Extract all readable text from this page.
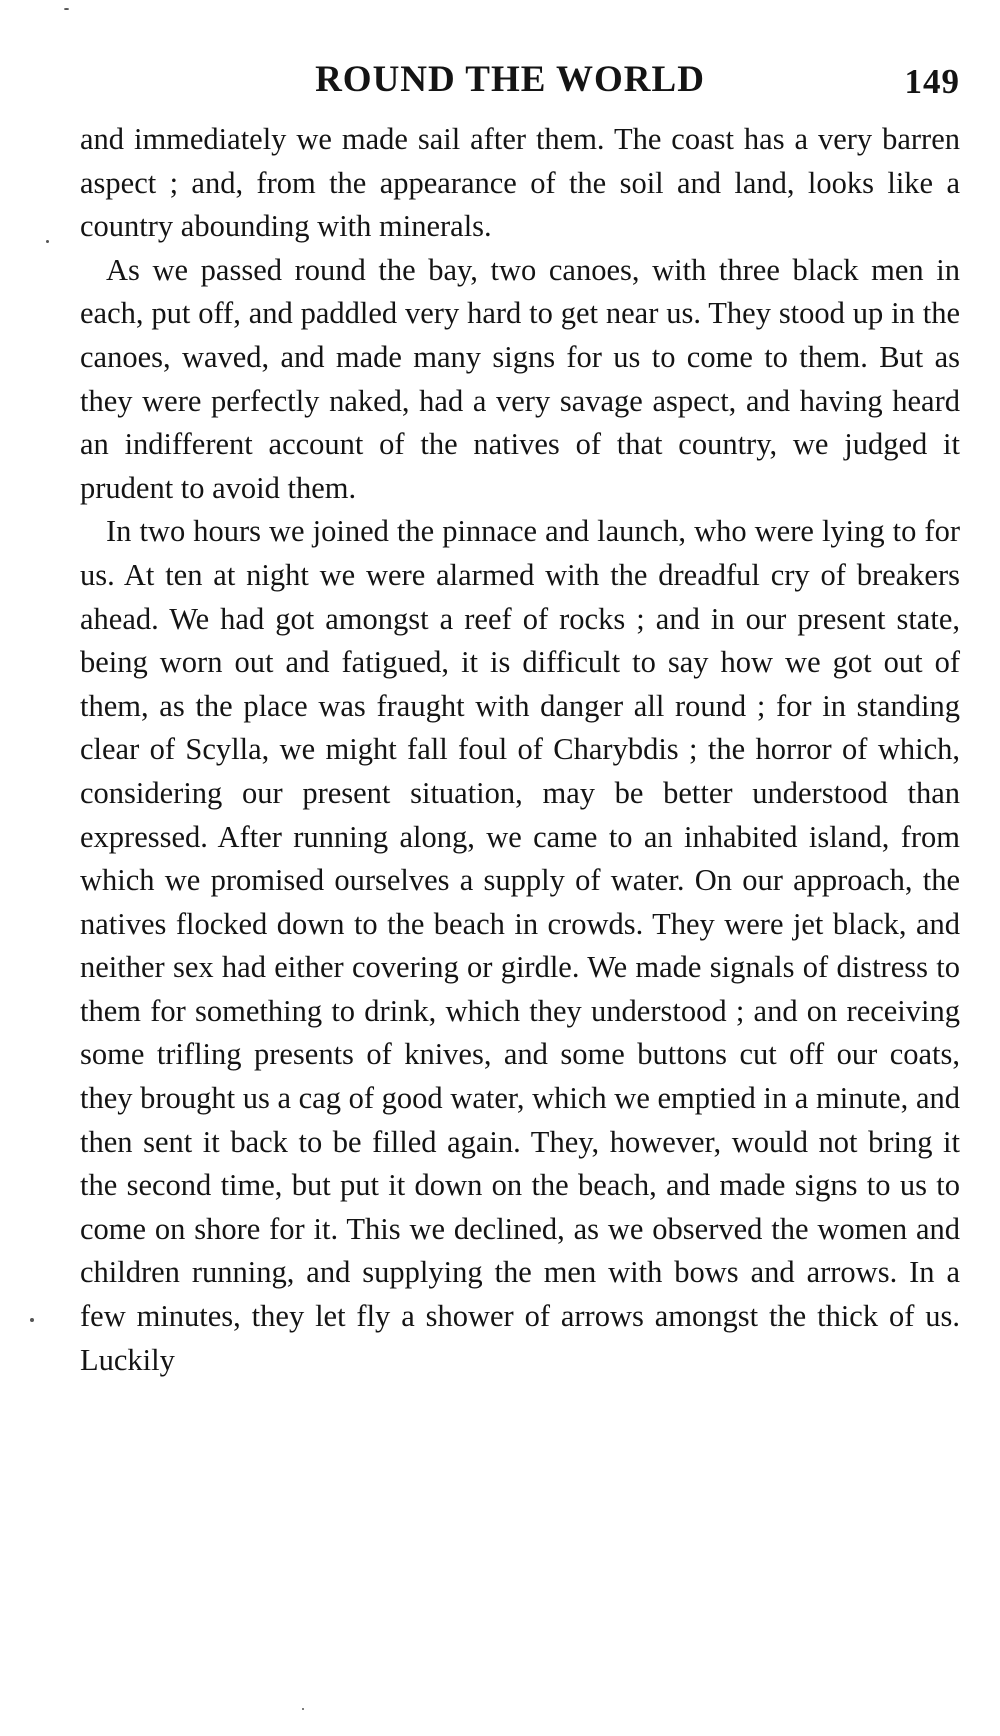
ROUND THE WORLD	149

and immediately we made sail after them. The coast has a very barren aspect ; and, from the appearance of the soil and land, looks like a country abounding with minerals.

As we passed round the bay, two canoes, with three black men in each, put off, and paddled very hard to get near us. They stood up in the canoes, waved, and made many signs for us to come to them. But as they were perfectly naked, had a very savage aspect, and having heard an indifferent account of the natives of that country, we judged it prudent to avoid them.

In two hours we joined the pinnace and launch, who were lying to for us. At ten at night we were alarmed with the dreadful cry of breakers ahead. We had got amongst a reef of rocks ; and in our present state, being worn out and fatigued, it is difficult to say how we got out of them, as the place was fraught with danger all round ; for in standing clear of Scylla, we might fall foul of Charybdis ; the horror of which, considering our present situation, may be better understood than expressed. After running along, we came to an inhabited island, from which we promised ourselves a supply of water. On our approach, the natives flocked down to the beach in crowds. They were jet black, and neither sex had either covering or girdle. We made signals of distress to them for something to drink, which they understood ; and on receiving some trifling presents of knives, and some buttons cut off our coats, they brought us a cag of good water, which we emptied in a minute, and then sent it back to be filled again. They, however, would not bring it the second time, but put it down on the beach, and made signs to us to come on shore for it. This we declined, as we observed the women and children running, and supplying the men with bows and arrows. In a few minutes, they let fly a shower of arrows amongst the thick of us. Luckily
